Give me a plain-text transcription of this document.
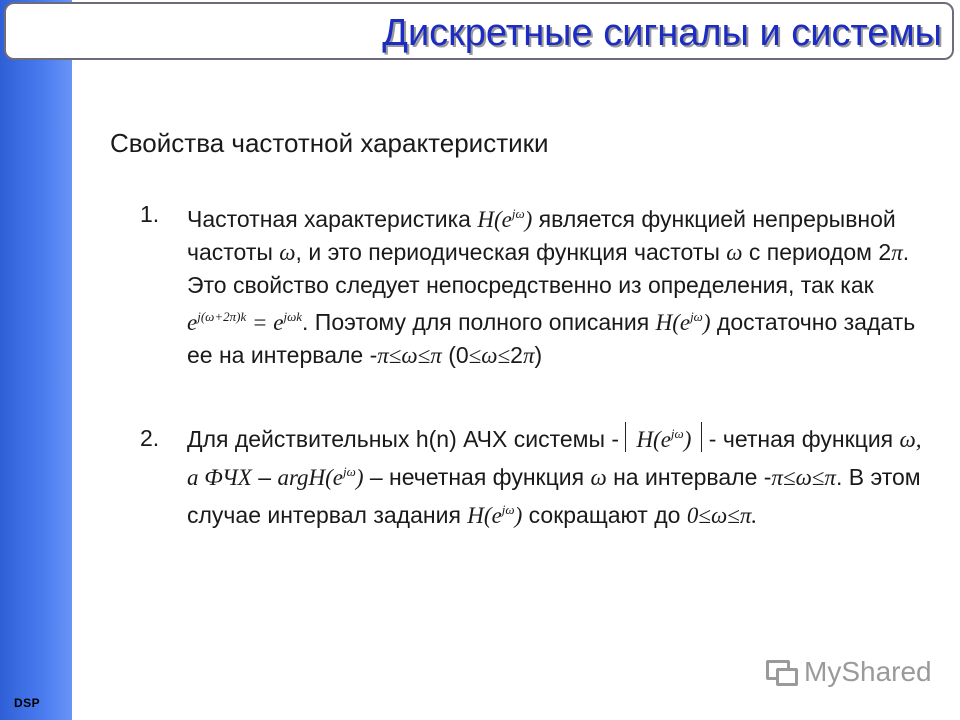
DSP
Дискретные сигналы и системы
Свойства частотной характеристики
1.	Частотная характеристика $H(e^{j\omega})$ является функцией непрерывной частоты ω, и это периодическая функция частоты ω с периодом 2π. Это свойство следует непосредственно из определения, так как $e^{j(\omega+2\pi)k} = e^{j\omega k}$. Поэтому для полного описания $H(e^{j\omega})$ достаточно задать ее на интервале -π≤ω≤π (0≤ω≤2π)
2.	Для действительных h(n) АЧХ системы - $H(e^{j\omega})$ - четная функция ω, а ФЧХ – $argH(e^{j\omega})$ – нечетная функция ω на интервале -π≤ω≤π. В этом случае интервал задания $H(e^{j\omega})$ сокращают до 0≤ω≤π.
MyShared
